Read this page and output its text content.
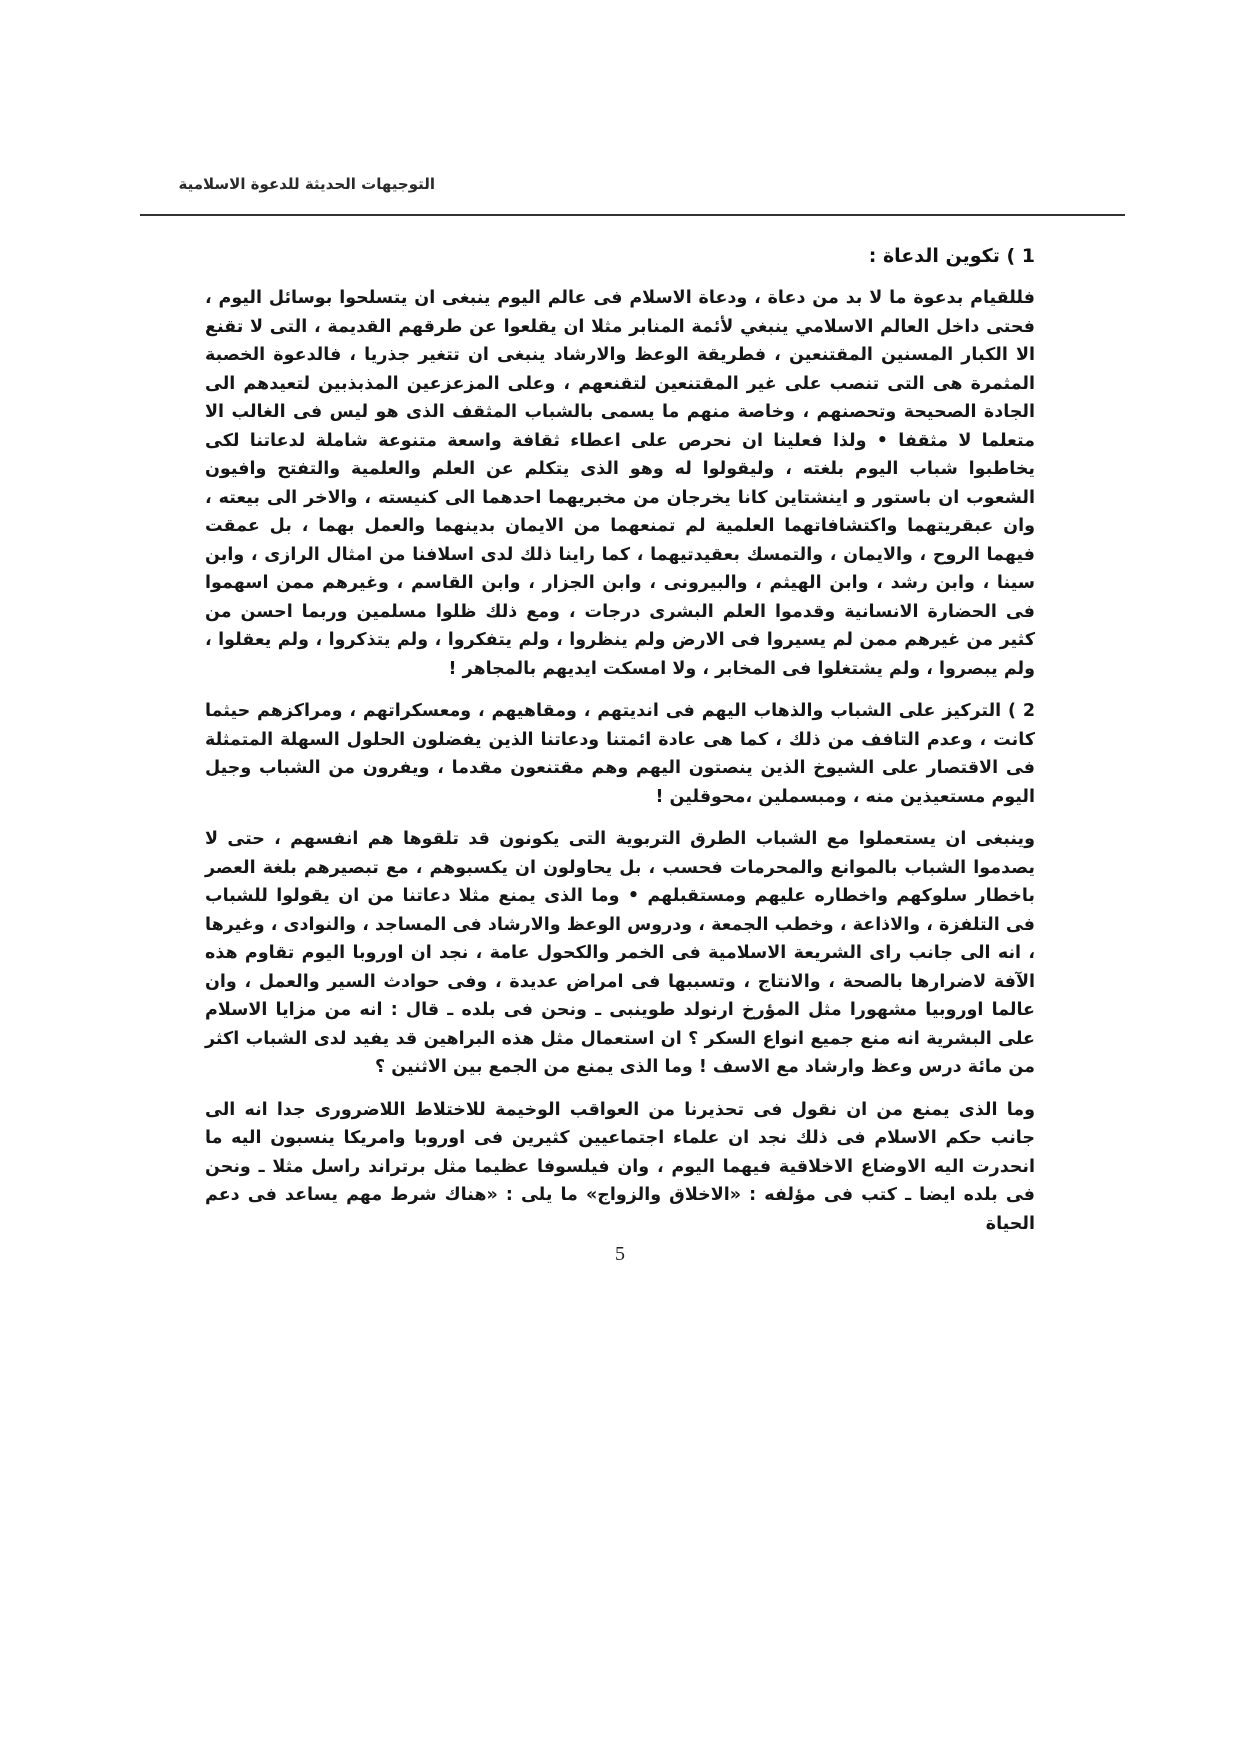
التوجيهات الحديثة للدعوة الاسلامية
1 ) تكوين الدعاة :

فللقيام بدعوة ما لا بد من دعاة ، ودعاة الاسلام فى عالم اليوم ينبغى ان يتسلحوا بوسائل اليوم ، فحتى داخل العالم الاسلامي ينبغي لأئمة المنابر مثلا ان يقلعوا عن طرقهم القديمة ، التى لا تقنع الا الكبار المسنين المقتنعين ، فطريقة الوعظ والارشاد ينبغى ان تتغير جذريا ، فالدعوة الخصبة المثمرة هى التى تنصب على غير المقتنعين لتقنعهم ، وعلى المزعزعين المذبذبين لتعيدهم الى الجادة الصحيحة وتحصنهم ، وخاصة منهم ما يسمى بالشباب المثقف الذى هو ليس فى الغالب الا متعلما لا مثقفا • ولذا فعلينا ان نحرص على اعطاء ثقافة واسعة متنوعة شاملة لدعاتنا لكى يخاطبوا شباب اليوم بلغته ، وليقولوا له وهو الذى يتكلم عن العلم والعلمية والتفتح وافيون الشعوب ان باستور و اينشتاين كانا يخرجان من مخبريهما احدهما الى كنيسته ، والاخر الى بيعته ، وان عبقريتهما واكتشافاتهما العلمية لم تمنعهما من الايمان بدينهما والعمل بهما ، بل عمقت فيهما الروح ، والايمان ، والتمسك بعقيدتيهما ، كما راينا ذلك لدى اسلافنا من امثال الرازى ، وابن سينا ، وابن رشد ، وابن الهيثم ، والبيرونى ، وابن الجزار ، وابن القاسم ، وغيرهم ممن اسهموا فى الحضارة الانسانية وقدموا العلم البشرى درجات ، ومع ذلك ظلوا مسلمين وربما احسن من كثير من غيرهم ممن لم يسيروا فى الارض ولم ينظروا ، ولم يتفكروا ، ولم يتذكروا ، ولم يعقلوا ، ولم يبصروا ، ولم يشتغلوا فى المخابر ، ولا امسكت ايديهم بالمجاهر !

2 ) التركيز على الشباب والذهاب اليهم فى انديتهم ، ومقاهيهم ، ومعسكراتهم ، ومراكزهم حيثما كانت ، وعدم التافف من ذلك ، كما هى عادة ائمتنا ودعاتنا الذين يفضلون الحلول السهلة المتمثلة فى الاقتصار على الشيوخ الذين ينصتون اليهم وهم مقتنعون مقدما ، ويفرون من الشباب وجيل اليوم مستعيذين منه ، ومبسملين ،محوقلين !

وينبغى ان يستعملوا مع الشباب الطرق التربوية التى يكونون قد تلقوها هم انفسهم ، حتى لا يصدموا الشباب بالموانع والمحرمات فحسب ، بل يحاولون ان يكسبوهم ، مع تبصيرهم بلغة العصر باخطار سلوكهم واخطاره عليهم ومستقبلهم • وما الذى يمنع مثلا دعاتنا من ان يقولوا للشباب فى التلفزة ، والاذاعة ، وخطب الجمعة ، ودروس الوعظ والارشاد فى المساجد ، والنوادى ، وغيرها ، انه الى جانب راى الشريعة الاسلامية فى الخمر والكحول عامة ، نجد ان اوروبا اليوم تقاوم هذه الآفة لاضرارها بالصحة ، والانتاج ، وتسببها فى امراض عديدة ، وفى حوادث السير والعمل ، وان عالما اوروبيا مشهورا مثل المؤرخ ارنولد طوينبى ـ ونحن فى بلده ـ قال : انه من مزايا الاسلام على البشرية انه منع جميع انواع السكر ؟ ان استعمال مثل هذه البراهين قد يفيد لدى الشباب اكثر من مائة درس وعظ وارشاد مع الاسف ! وما الذى يمنع من الجمع بين الاثنين ؟

وما الذى يمنع من ان نقول فى تحذيرنا من العواقب الوخيمة للاختلاط اللاضرورى جدا انه الى جانب حكم الاسلام فى ذلك نجد ان علماء اجتماعيين كثيرين فى اوروبا وامريكا ينسبون اليه ما انحدرت اليه الاوضاع الاخلاقية فيهما اليوم ، وان فيلسوفا عظيما مثل برتراند راسل مثلا ـ ونحن فى بلده ايضا ـ كتب فى مؤلفه : «الاخلاق والزواج» ما يلى : «هناك شرط مهم يساعد فى دعم الحياة

5
